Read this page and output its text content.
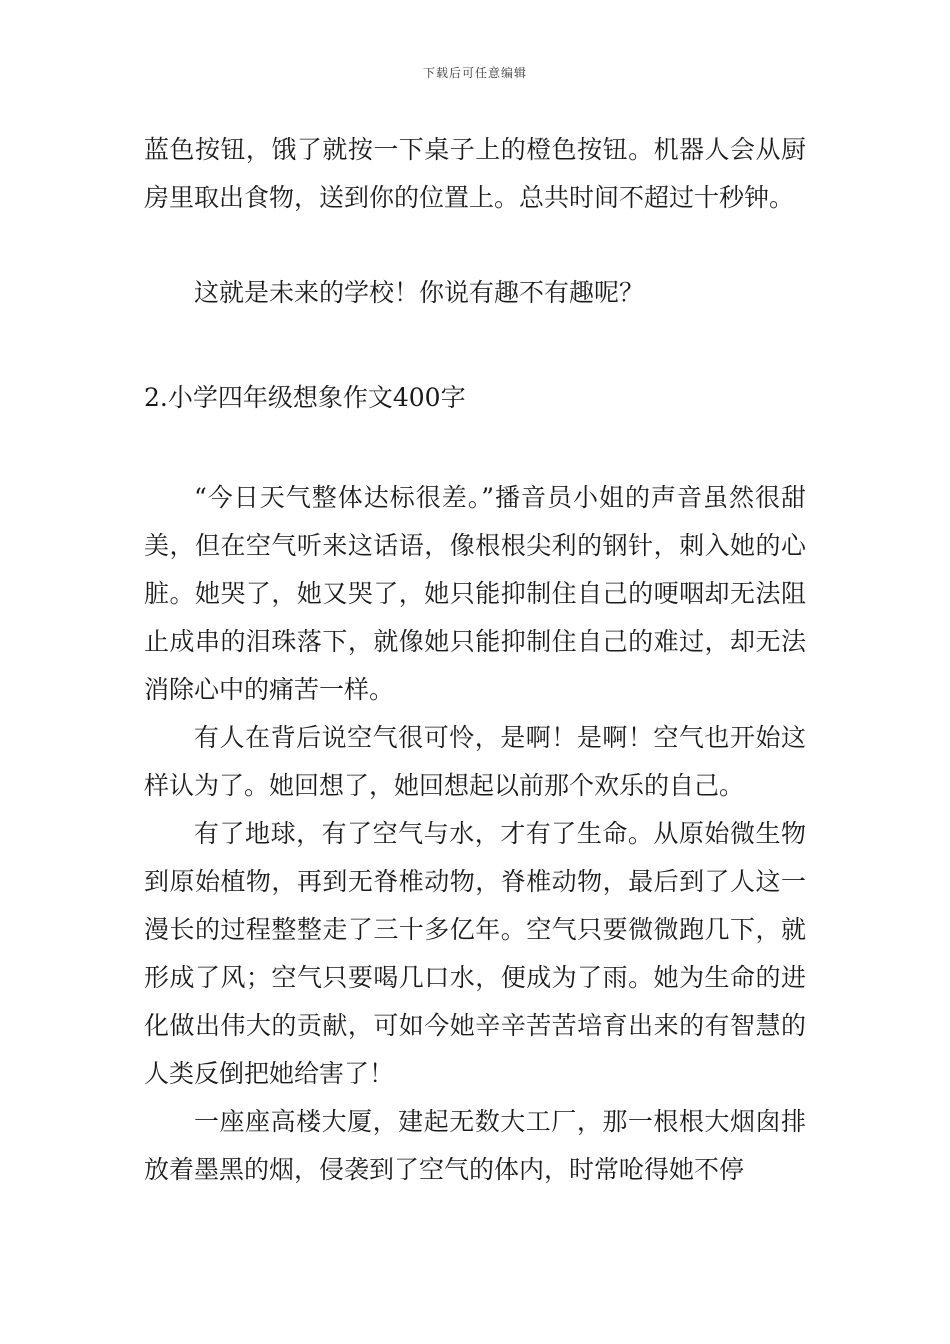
下载后可任意编辑

蓝色按钮，饿了就按一下桌子上的橙色按钮。机器人会从厨房里取出食物，送到你的位置上。总共时间不超过十秒钟。

这就是未来的学校！你说有趣不有趣呢？

2.小学四年级想象作文400字

“今日天气整体达标很差。”播音员小姐的声音虽然很甜美，但在空气听来这话语，像根根尖利的钢针，刺入她的心脏。她哭了，她又哭了，她只能抑制住自己的哽咽却无法阻止成串的泪珠落下，就像她只能抑制住自己的难过，却无法消除心中的痛苦一样。

有人在背后说空气很可怜，是啊！是啊！空气也开始这样认为了。她回想了，她回想起以前那个欢乐的自己。

有了地球，有了空气与水，才有了生命。从原始微生物到原始植物，再到无脊椎动物，脊椎动物，最后到了人这一漫长的过程整整走了三十多亿年。空气只要微微跑几下，就形成了风；空气只要喝几口水，便成为了雨。她为生命的进化做出伟大的贡献，可如今她辛辛苦苦培育出来的有智慧的人类反倒把她给害了！

一座座高楼大厦，建起无数大工厂，那一根根大烟囱排放着墨黑的烟，侵袭到了空气的体内，时常呛得她不停
